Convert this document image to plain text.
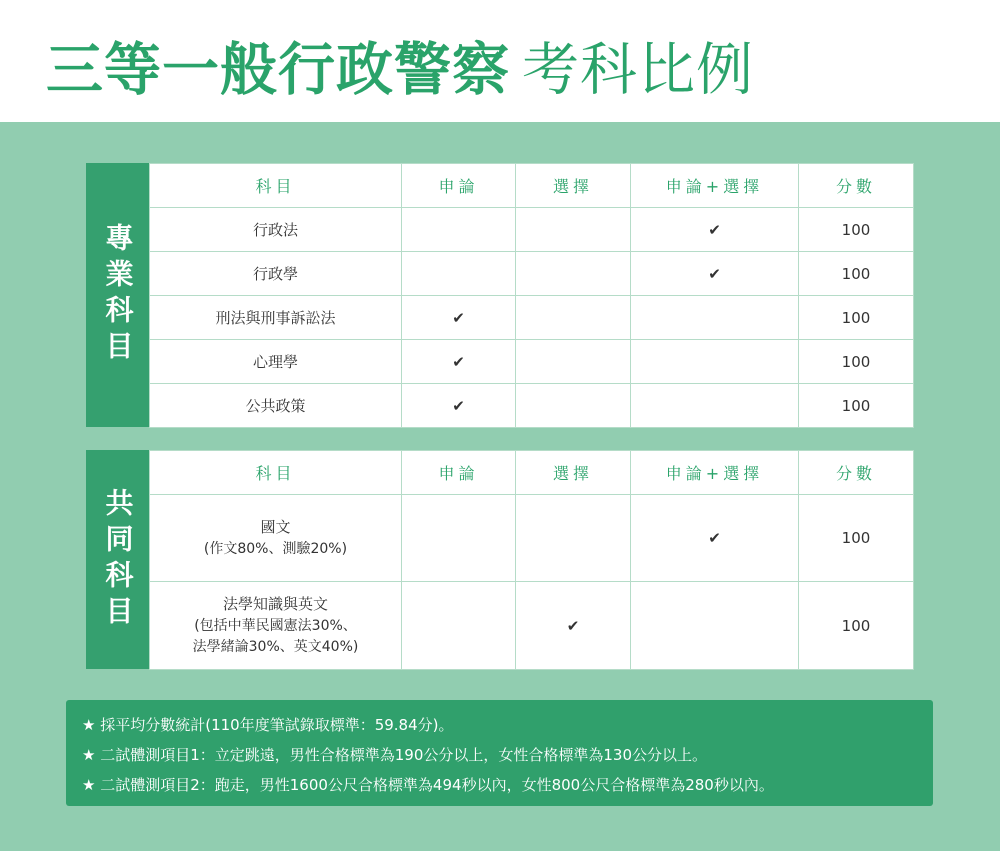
三等一般行政警察 考科比例
專業科目
科目	申論	選擇	申論+選擇	分數
行政法			✔	100
行政學			✔	100
刑法與刑事訴訟法	✔			100
心理學	✔			100
公共政策	✔			100
共同科目
科目	申論	選擇	申論+選擇	分數

國文
(作文80%、測驗20%)			✔	100

法學知識與英文
(包括中華民國憲法30%、
法學緒論30%、英文40%)		✔		100
★ 採平均分數統計(110年度筆試錄取標準：59.84分)。
★ 二試體測項目1：立定跳遠，男性合格標準為190公分以上，女性合格標準為130公分以上。
★ 二試體測項目2：跑走，男性1600公尺合格標準為494秒以內，女性800公尺合格標準為280秒以內。
